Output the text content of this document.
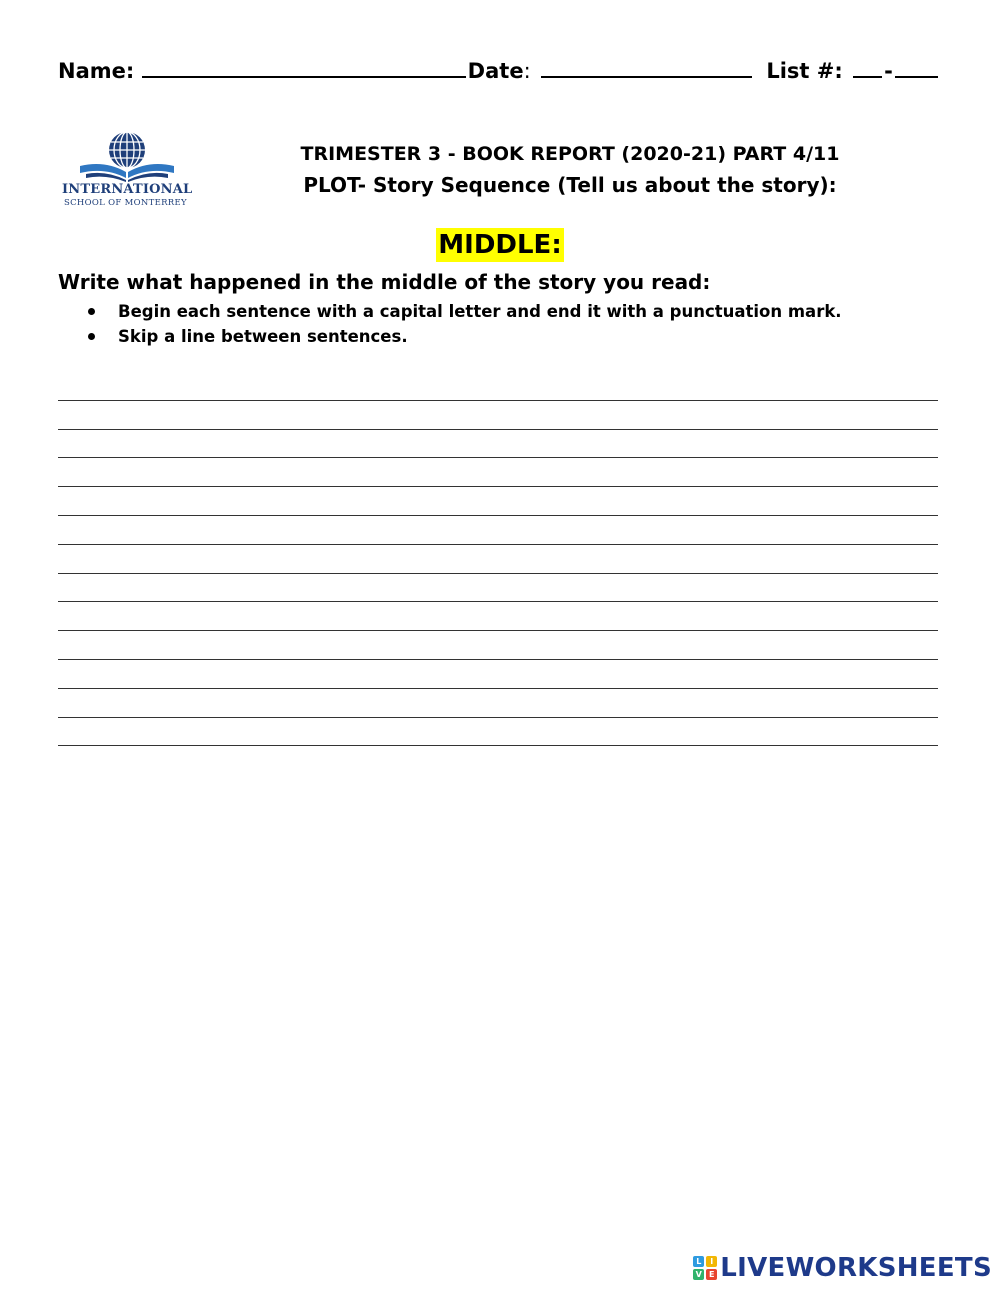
Name:	Date :	List #: -
INTERNATIONAL
SCHOOL OF MONTERREY
TRIMESTER 3 - BOOK REPORT (2020-21) PART 4/11
PLOT- Story Sequence (Tell us about the story):
MIDDLE:
Write what happened in the middle of the story you read:
Begin each sentence with a capital letter and end it with a punctuation mark.
Skip a line between sentences.
L	I
V E LIVEWORKSHEETS
